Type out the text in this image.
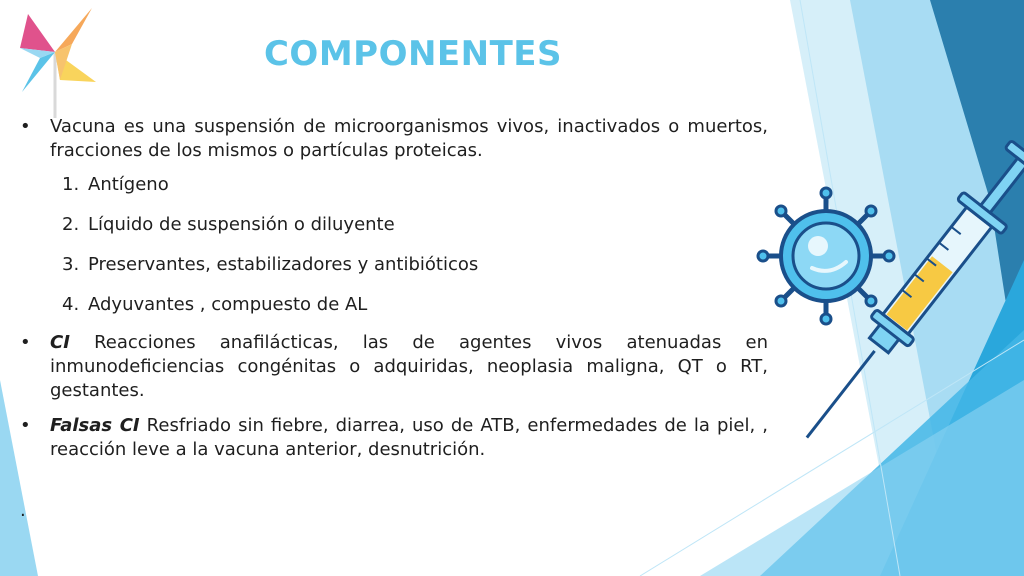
COMPONENTES
• Vacuna es una suspensión de microorganismos vivos, inactivados o muertos, fracciones de los mismos o partículas proteicas.
1. Antígeno
2. Líquido de suspensión o diluyente
3. Preservantes, estabilizadores y antibióticos
4. Adyuvantes , compuesto de AL
• CI Reacciones anafilácticas, las de agentes vivos atenuadas en inmunodeficiencias congénitas o adquiridas, neoplasia maligna, QT o RT, gestantes.
• Falsas CI Resfriado sin fiebre, diarrea, uso de ATB, enfermedades de la piel, , reacción leve a la vacuna anterior, desnutrición.
.
